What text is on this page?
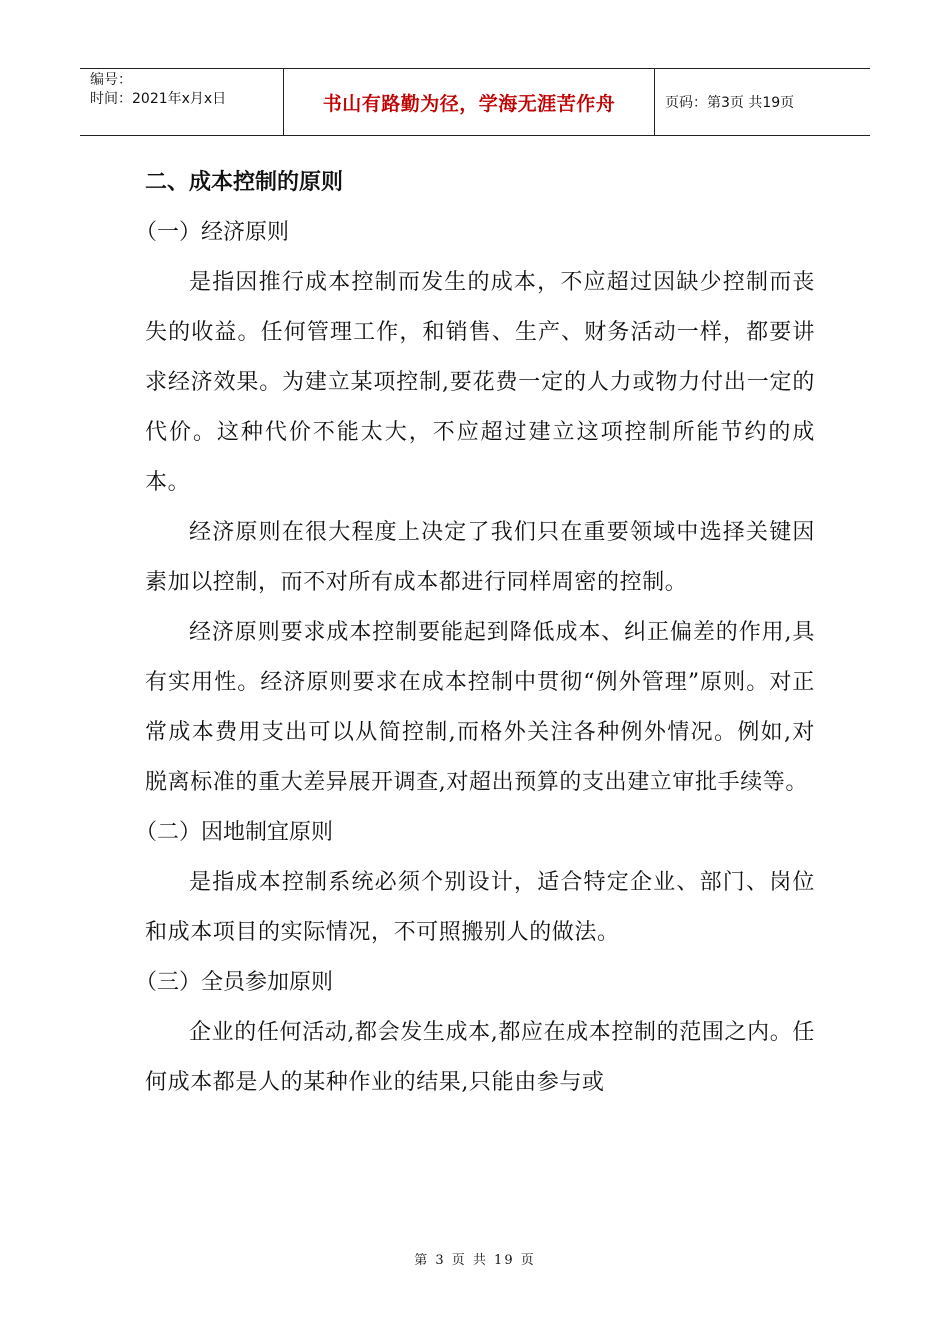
编号：
时间：2021年x月x日	书山有路勤为径，学海无涯苦作舟	页码：第3页 共19页
二、成本控制的原则
（一）经济原则

是指因推行成本控制而发生的成本，不应超过因缺少控制而丧失的收益。任何管理工作，和销售、生产、财务活动一样，都要讲求经济效果。为建立某项控制,要花费一定的人力或物力付出一定的代价。这种代价不能太大，不应超过建立这项控制所能节约的成本。

经济原则在很大程度上决定了我们只在重要领域中选择关键因素加以控制，而不对所有成本都进行同样周密的控制。

经济原则要求成本控制要能起到降低成本、纠正偏差的作用,具有实用性。经济原则要求在成本控制中贯彻“例外管理”原则。对正常成本费用支出可以从简控制,而格外关注各种例外情况。例如,对脱离标准的重大差异展开调查,对超出预算的支出建立审批手续等。

（二）因地制宜原则

是指成本控制系统必须个别设计，适合特定企业、部门、岗位和成本项目的实际情况，不可照搬别人的做法。

（三）全员参加原则

企业的任何活动,都会发生成本,都应在成本控制的范围之内。任何成本都是人的某种作业的结果,只能由参与或

第 3 页 共 19 页
